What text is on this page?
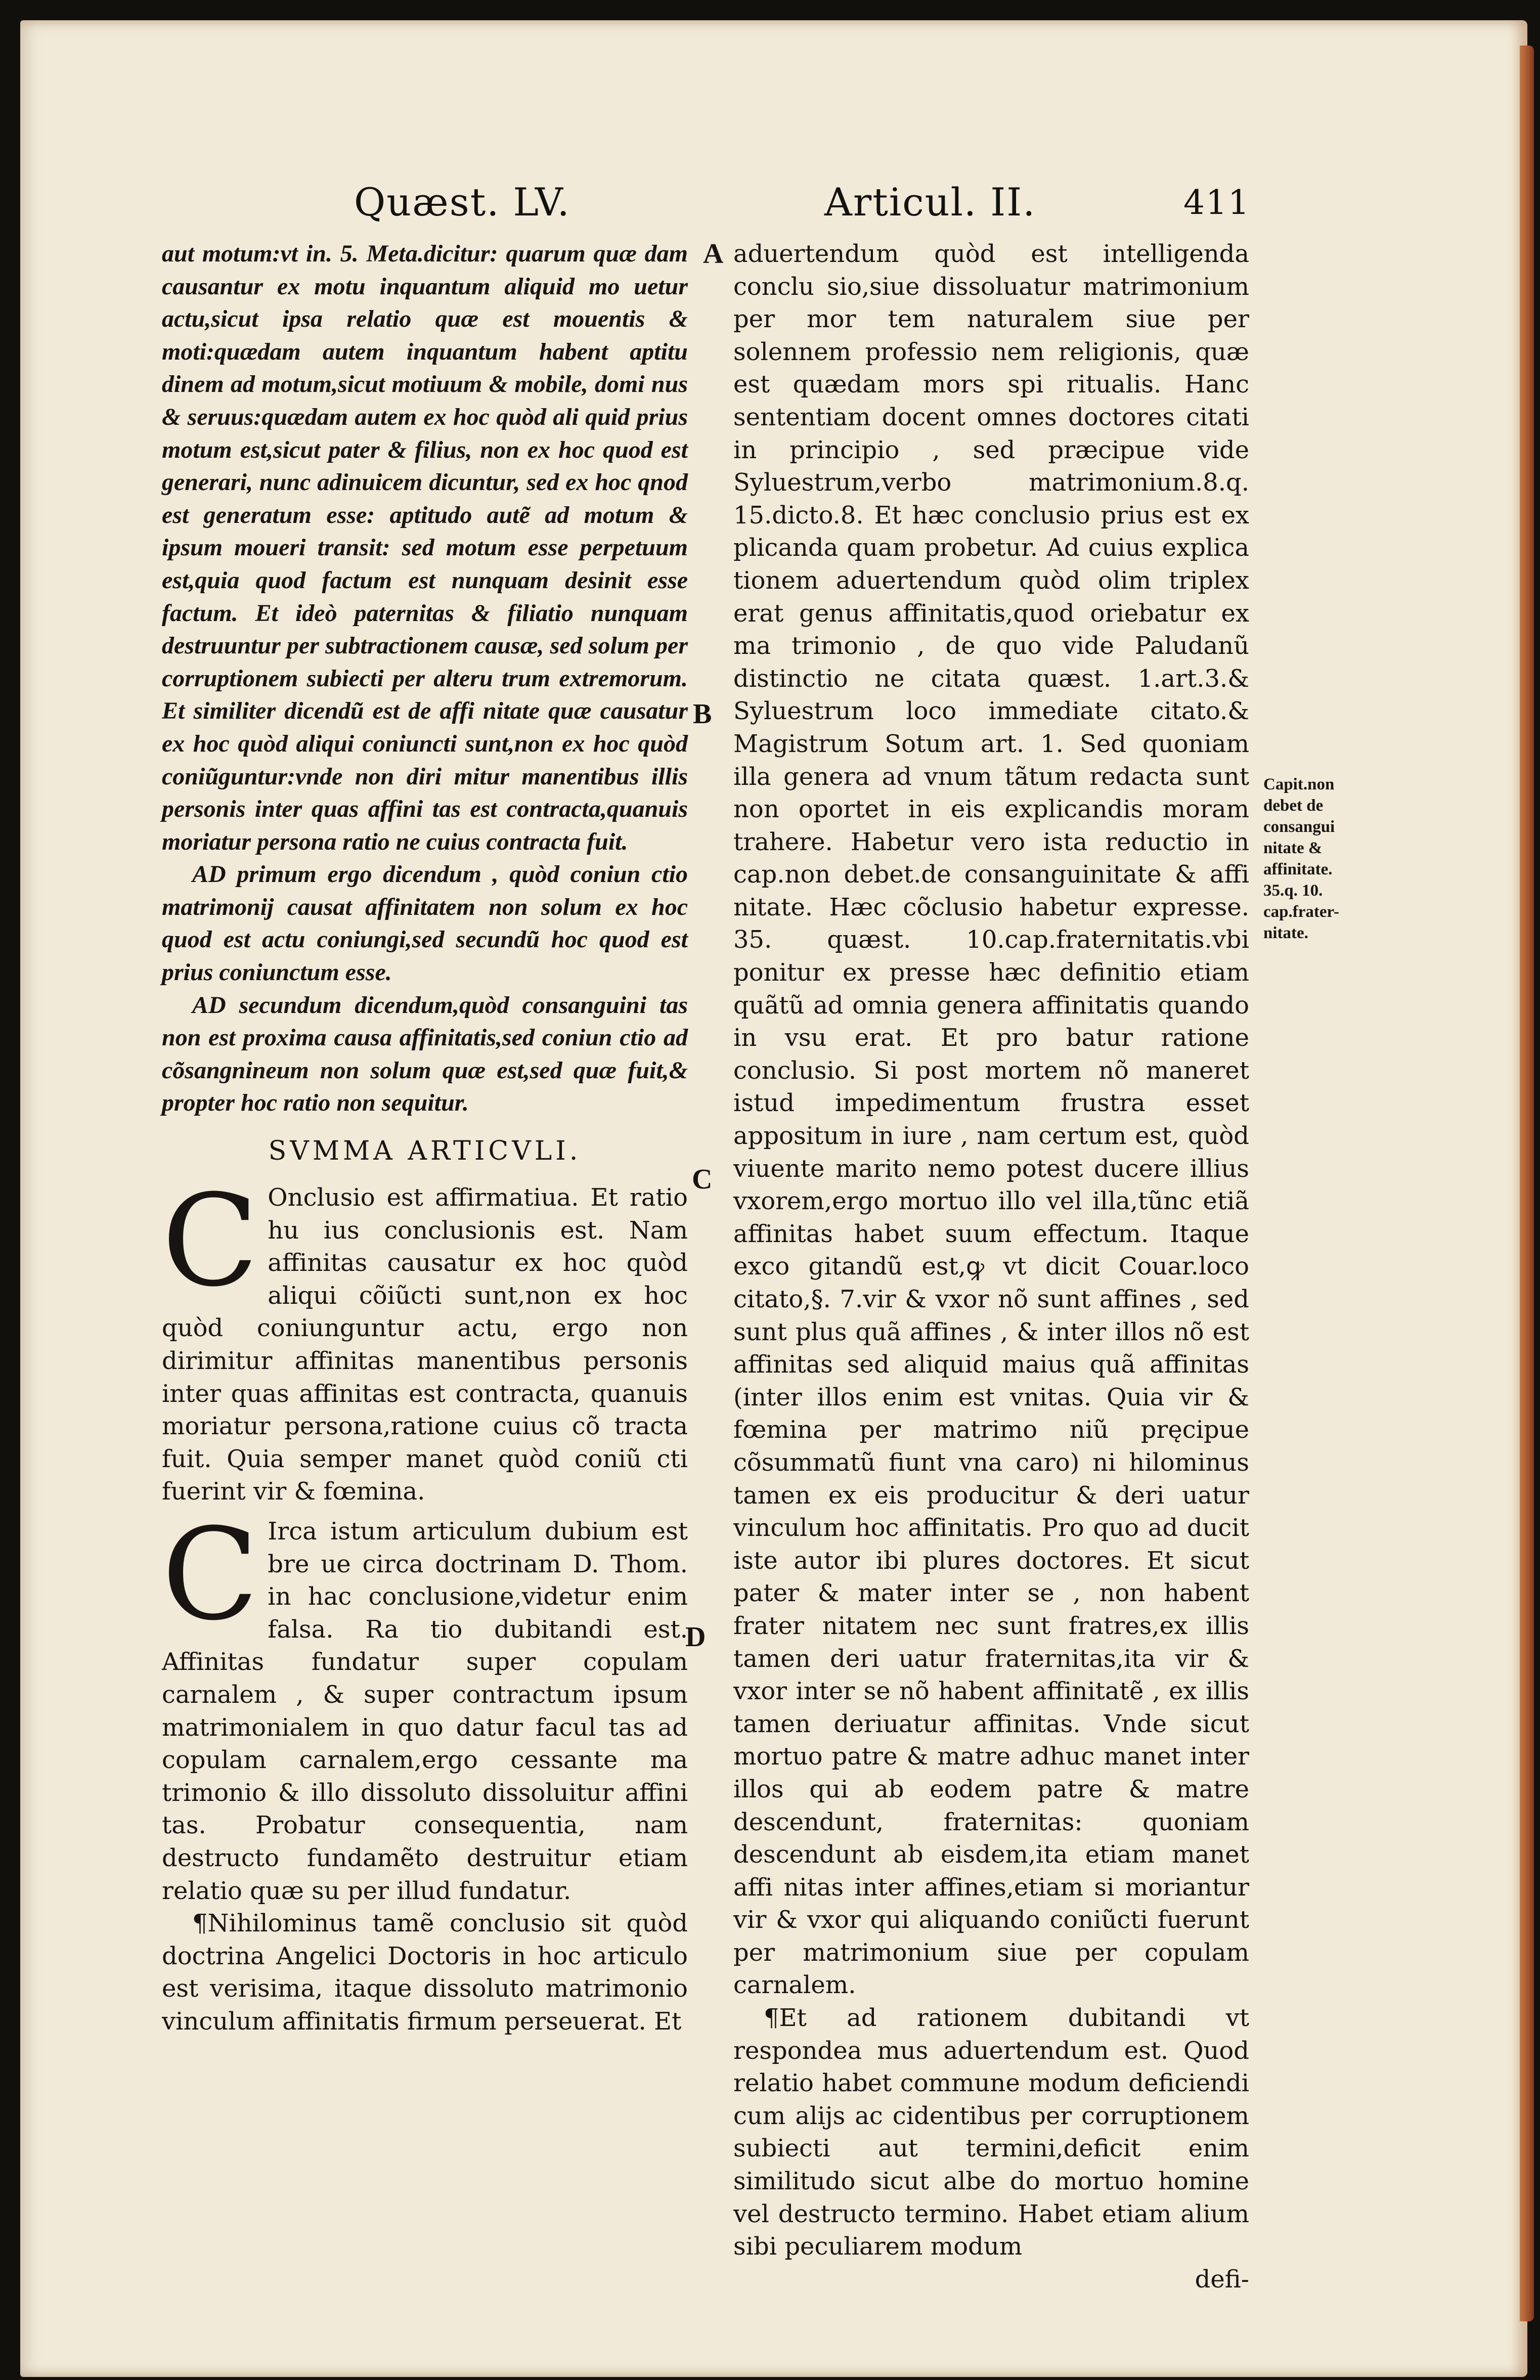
Quæst. LV.	Articul. II.	411
A
B
C
D

aut motum:vt in. 5. Meta.dicitur: quarum quæ dam causantur ex motu inquantum aliquid mo uetur actu,sicut ipsa relatio quæ est mouentis & moti:quædam autem inquantum habent aptitu dinem ad motum,sicut motiuum & mobile, domi nus & seruus:quædam autem ex hoc quòd ali quid prius motum est,sicut pater & filius, non ex hoc quod est generari, nunc adinuicem dicuntur, sed ex hoc qnod est generatum esse: aptitudo autẽ ad motum & ipsum moueri transit: sed motum esse perpetuum est,quia quod factum est nunquam desinit esse factum. Et ideò paternitas & filiatio nunquam destruuntur per subtractionem causæ, sed solum per corruptionem subiecti per alteru trum extremorum. Et similiter dicendũ est de affi nitate quæ causatur ex hoc quòd aliqui coniuncti sunt,non ex hoc quòd coniũguntur:vnde non diri mitur manentibus illis personis inter quas affini tas est contracta,quanuis moriatur persona ratio ne cuius contracta fuit.

AD primum ergo dicendum , quòd coniun ctio matrimonij causat affinitatem non solum ex hoc quod est actu coniungi,sed secundũ hoc quod est prius coniunctum esse.

AD secundum dicendum,quòd consanguini tas non est proxima causa affinitatis,sed coniun ctio ad cõsangnineum non solum quæ est,sed quæ fuit,& propter hoc ratio non sequitur.

SVMMA ARTICVLI.

C Onclusio est affirmatiua. Et ratio hu ius conclusionis est. Nam affinitas causatur ex hoc quòd aliqui cõiũcti sunt,non ex hoc quòd coniunguntur actu, ergo non dirimitur affinitas manentibus personis inter quas affinitas est contracta, quanuis moriatur persona,ratione cuius cõ tracta fuit. Quia semper manet quòd coniũ cti fuerint vir & fœmina.

C Irca istum articulum dubium est bre ue circa doctrinam D. Thom. in hac conclusione,videtur enim falsa. Ra tio dubitandi est. Affinitas fundatur super copulam carnalem , & super contractum ipsum matrimonialem in quo datur facul tas ad copulam carnalem,ergo cessante ma trimonio & illo dissoluto dissoluitur affini tas. Probatur consequentia, nam destructo fundamẽto destruitur etiam relatio quæ su per illud fundatur.

¶Nihilominus tamẽ conclusio sit quòd doctrina Angelici Doctoris in hoc articulo est verisima, itaque dissoluto matrimonio vinculum affinitatis firmum perseuerat. Et

aduertendum quòd est intelligenda conclu sio,siue dissoluatur matrimonium per mor tem naturalem siue per solennem professio nem religionis, quæ est quædam mors spi ritualis. Hanc sententiam docent omnes doctores citati in principio , sed præcipue vide Syluestrum,verbo matrimonium.8.q. 15.dicto.8. Et hæc conclusio prius est ex plicanda quam probetur. Ad cuius explica tionem aduertendum quòd olim triplex erat genus affinitatis,quod oriebatur ex ma trimonio , de quo vide Paludanũ distinctio ne citata quæst. 1.art.3.& Syluestrum loco immediate citato.& Magistrum Sotum art. 1. Sed quoniam illa genera ad vnum tãtum redacta sunt non oportet in eis explicandis moram trahere. Habetur vero ista reductio in cap.non debet.de consanguinitate & affi nitate. Hæc cõclusio habetur expresse. 35. quæst. 10.cap.fraternitatis.vbi ponitur ex presse hæc definitio etiam quãtũ ad omnia genera affinitatis quando in vsu erat. Et pro batur ratione conclusio. Si post mortem nõ maneret istud impedimentum frustra esset appositum in iure , nam certum est, quòd viuente marito nemo potest ducere illius vxorem,ergo mortuo illo vel illa,tũnc etiã affinitas habet suum effectum. Itaque exco gitandũ est,ꝙ vt dicit Couar.loco citato,§. 7.vir & vxor nõ sunt affines , sed sunt plus quã affines , & inter illos nõ est affinitas sed aliquid maius quã affinitas (inter illos enim est vnitas. Quia vir & fœmina per matrimo niũ pręcipue cõsummatũ fiunt vna caro) ni hilominus tamen ex eis producitur & deri uatur vinculum hoc affinitatis. Pro quo ad ducit iste autor ibi plures doctores. Et sicut pater & mater inter se , non habent frater nitatem nec sunt fratres,ex illis tamen deri uatur fraternitas,ita vir & vxor inter se nõ habent affinitatẽ , ex illis tamen deriuatur affinitas. Vnde sicut mortuo patre & matre adhuc manet inter illos qui ab eodem patre & matre descendunt, fraternitas: quoniam descendunt ab eisdem,ita etiam manet affi nitas inter affines,etiam si moriantur vir & vxor qui aliquando coniũcti fuerunt per matrimonium siue per copulam carnalem.

¶Et ad rationem dubitandi vt respondea mus aduertendum est. Quod relatio habet commune modum deficiendi cum alijs ac cidentibus per corruptionem subiecti aut termini,deficit enim similitudo sicut albe do mortuo homine vel destructo termino. Habet etiam alium sibi peculiarem modum

defi-

Capit.non
debet de
consangui
nitate &
affinitate.
35.q. 10.
cap.frater-
nitate.
